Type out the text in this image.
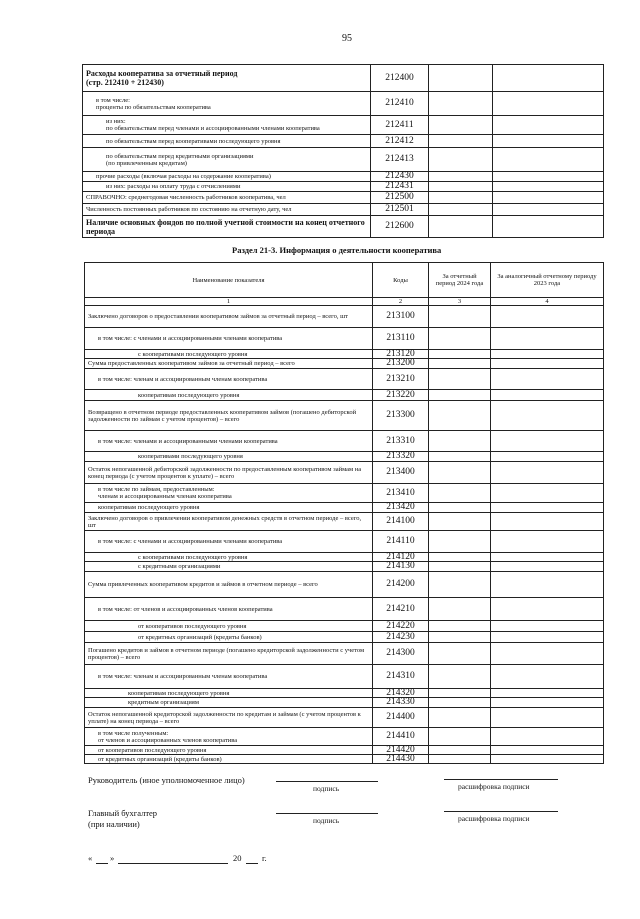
95
Расходы кооператива за отчетный период
(стр. 212410 + 212430)	212400		
в том числе:
проценты по обязательствам кооператива	212410		
из них:
по обязательствам перед членами и ассоциированными членами кооператива	212411		
по обязательствам перед кооперативами последующего уровня	212412		
по обязательствам перед кредитными организациями
(по привлеченным кредитам)	212413		
прочие расходы (включая расходы на содержание кооператива)	212430		
из них: расходы на оплату труда с отчислениями	212431		
СПРАВОЧНО: среднегодовая численность работников кооператива, чел	212500		
Численность постоянных работников по состоянию на отчетную дату, чел	212501		
Наличие основных фондов по полной учетной стоимости на конец отчетного периода	212600		
Раздел 21-3. Информация о деятельности кооператива
Наименование показателя	Коды	За отчетный период 2024 года	За аналогичный отчетному периоду 2023 года
1	2	3	4
Заключено договоров о предоставлении кооперативом займов за отчетный период – всего, шт	213100		
в том числе: с членами и ассоциированными членами кооператива	213110		
с кооперативами последующего уровня	213120		
Сумма предоставленных кооперативом займов за отчетный период – всего	213200		
в том числе: членам и ассоциированным членам кооператива	213210		
кооперативам последующего уровня	213220		
Возвращено в отчетном периоде предоставленных кооперативом займов (погашено дебиторской задолженности по займам с учетом процентов) – всего	213300		
в том числе: членами и ассоциированными членами кооператива	213310		
кооперативами последующего уровня	213320		
Остаток непогашенной дебиторской задолженности по предоставленным кооперативом займам на конец периода (с учетом процентов к уплате) – всего	213400		
в том числе по займам, предоставленным:
членам и ассоциированным членам кооператива	213410		
кооперативам последующего уровня	213420		
Заключено договоров о привлечении кооперативом денежных средств в отчетном периоде – всего, шт	214100		
в том числе: с членами и ассоциированными членами кооператива	214110		
с кооперативами последующего уровня	214120		
с кредитными организациями	214130		
Сумма привлеченных кооперативом кредитов и займов в отчетном периоде – всего	214200		
в том числе: от членов и ассоциированных членов кооператива	214210		
от кооперативов последующего уровня	214220		
от кредитных организаций (кредиты банков)	214230		
Погашено кредитов и займов в отчетном периоде (погашено кредиторской задолженности с учетом процентов) – всего	214300		
в том числе: членам и ассоциированным членам кооператива	214310		
кооперативам последующего уровня	214320		
кредитным организациям	214330		
Остаток непогашенной кредиторской задолженности по кредитам и займам (с учетом процентов к уплате) на конец периода – всего	214400		
в том числе полученным:
от членов и ассоциированных членов кооператива	214410		
от кооперативов последующего уровня	214420		
от кредитных организаций (кредиты банков)	214430		
Руководитель (иное уполномоченное лицо)
подпись	расшифровка подписи
Главный бухгалтер
(при наличии)	подпись	расшифровка подписи
« »	20 г.
